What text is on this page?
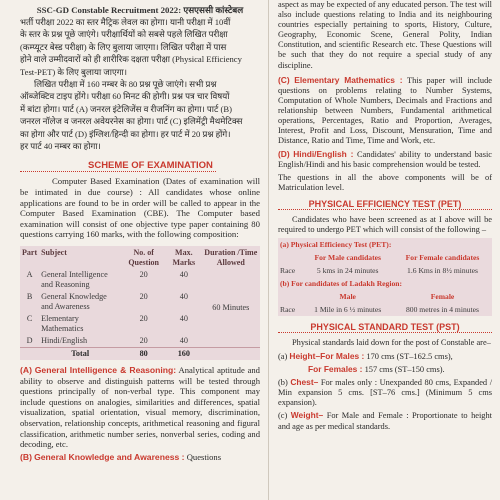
SSC-GD Constable Recruitment 2022: एसएससी कांस्टेबल

भर्ती परीक्षा 2022 का स्तर मैट्रिक लेवल का होगा। यानी परीक्षा में 10वीं
के स्तर के प्रश्न पूछे जाएंगे। परीक्षार्थियों को सबसे पहले लिखित परीक्षा
(कम्प्यूटर बेस्ड परीक्षा) के लिए बुलाया जाएगा। लिखित परीक्षा में पास
होने वाले उम्मीदवारों को ही शारीरिक दक्षता परीक्षा (Physical Efficiency
Test-PET) के लिए बुलाया जाएगा।
लिखित परीक्षा में 160 नम्बर के 80 प्रश्न पूछे जाएंगे। सभी प्रश्न
ऑब्जेक्टिव टाइप होंगे। परीक्षा 60 मिनट की होगी। प्रश्न पत्र चार विषयों
में बांटा होगा। पार्ट (A) जनरल इंटेलिजेंस व रीजनिंग का होगा। पार्ट (B)
जनरल नॉलेज व जनरल अवेयरनेस का होगा। पार्ट (C) इलिमेंट्री मैथमेटिक्स
का होगा और पार्ट (D) इंग्लिश/हिन्दी का होगा। हर पार्ट में 20 प्रश्न होंगे।
हर पार्ट 40 नम्बर का होगा।
SCHEME OF EXAMINATION

Computer Based Examination (Dates of examination will be intimated in due course) : All candidates whose online applications are found to be in order will be called to appear in the Computer Based Examination (CBE). The Computer based examination will consist of one objective type paper containing 80 questions carrying 160 marks, with the following composition:

Part	Subject	No. of Question	Max. Marks	Duration /Time Allowed
A	General Intelligence and Reasoning	20	40	60 Minutes
B	General Knowledge and Awareness	20	40	
C	Elementary Mathematics	20	40	
D	Hindi/English	20	40	
	Total	80	160	

(A) General Intelligence & Reasoning: Analytical aptitude and ability to observe and distinguish patterns will be tested through questions principally of non-verbal type. This component may include questions on analogies, similarities and differences, spatial visualization, spatial orientation, visual memory, discrimination, observation, relationship concepts, arithmetical reasoning and figural classification, arithmetic number series, nonverbal series, coding and decoding, etc.

(B) General Knowledge and Awareness : Questions

aspect as may be expected of any educated person. The test will also include questions relating to India and its neighbouring countries especially pertaining to sports, History, Culture, Geography, Economic Scene, General Polity, Indian Constitution, and scientific Research etc. These Questions will be such that they do not require a special study of any discipline.

(C) Elementary Mathematics : This paper will include questions on problems relating to Number Systems, Computation of Whole Numbers, Decimals and Fractions and relationship between Numbers, Fundamental arithmetical operations, Percentages, Ratio and Proportion, Averages, Interest, Profit and Loss, Discount, Mensuration, Time and Distance, Ratio and Time, Time and Work, etc.

(D) Hindi/English : Candidates' ability to understand basic English/Hindi and his basic comprehension would be tested.

The questions in all the above components will be of Matriculation level.

PHYSICAL EFFICIENCY TEST (PET)

Candidates who have been screened as at I above will be required to undergo PET which will consist of the following –

(a) Physical Efficiency Test (PET):		
	For Male candidates	For Female candidates
Race	5 kms in 24 minutes	1.6 Kms in 8½ minutes
(b) For candidates of Ladakh Region:		
	Male	Female
Race	1 Mile in 6 ½ minutes	800 metres in 4 minutes
PHYSICAL STANDARD TEST (PST)

Physical standards laid down for the post of Constable are–

(a) Height–For Males : 170 cms (ST–162.5 cms),

For Females : 157 cms (ST–150 cms).

(b) Chest– For males only : Unexpanded 80 cms, Expanded / Min expansion 5 cms. [ST–76 cms.] (Minimum 5 cms expansion).

(c) Weight– For Male and Female : Proportionate to height and age as per medical standards.
